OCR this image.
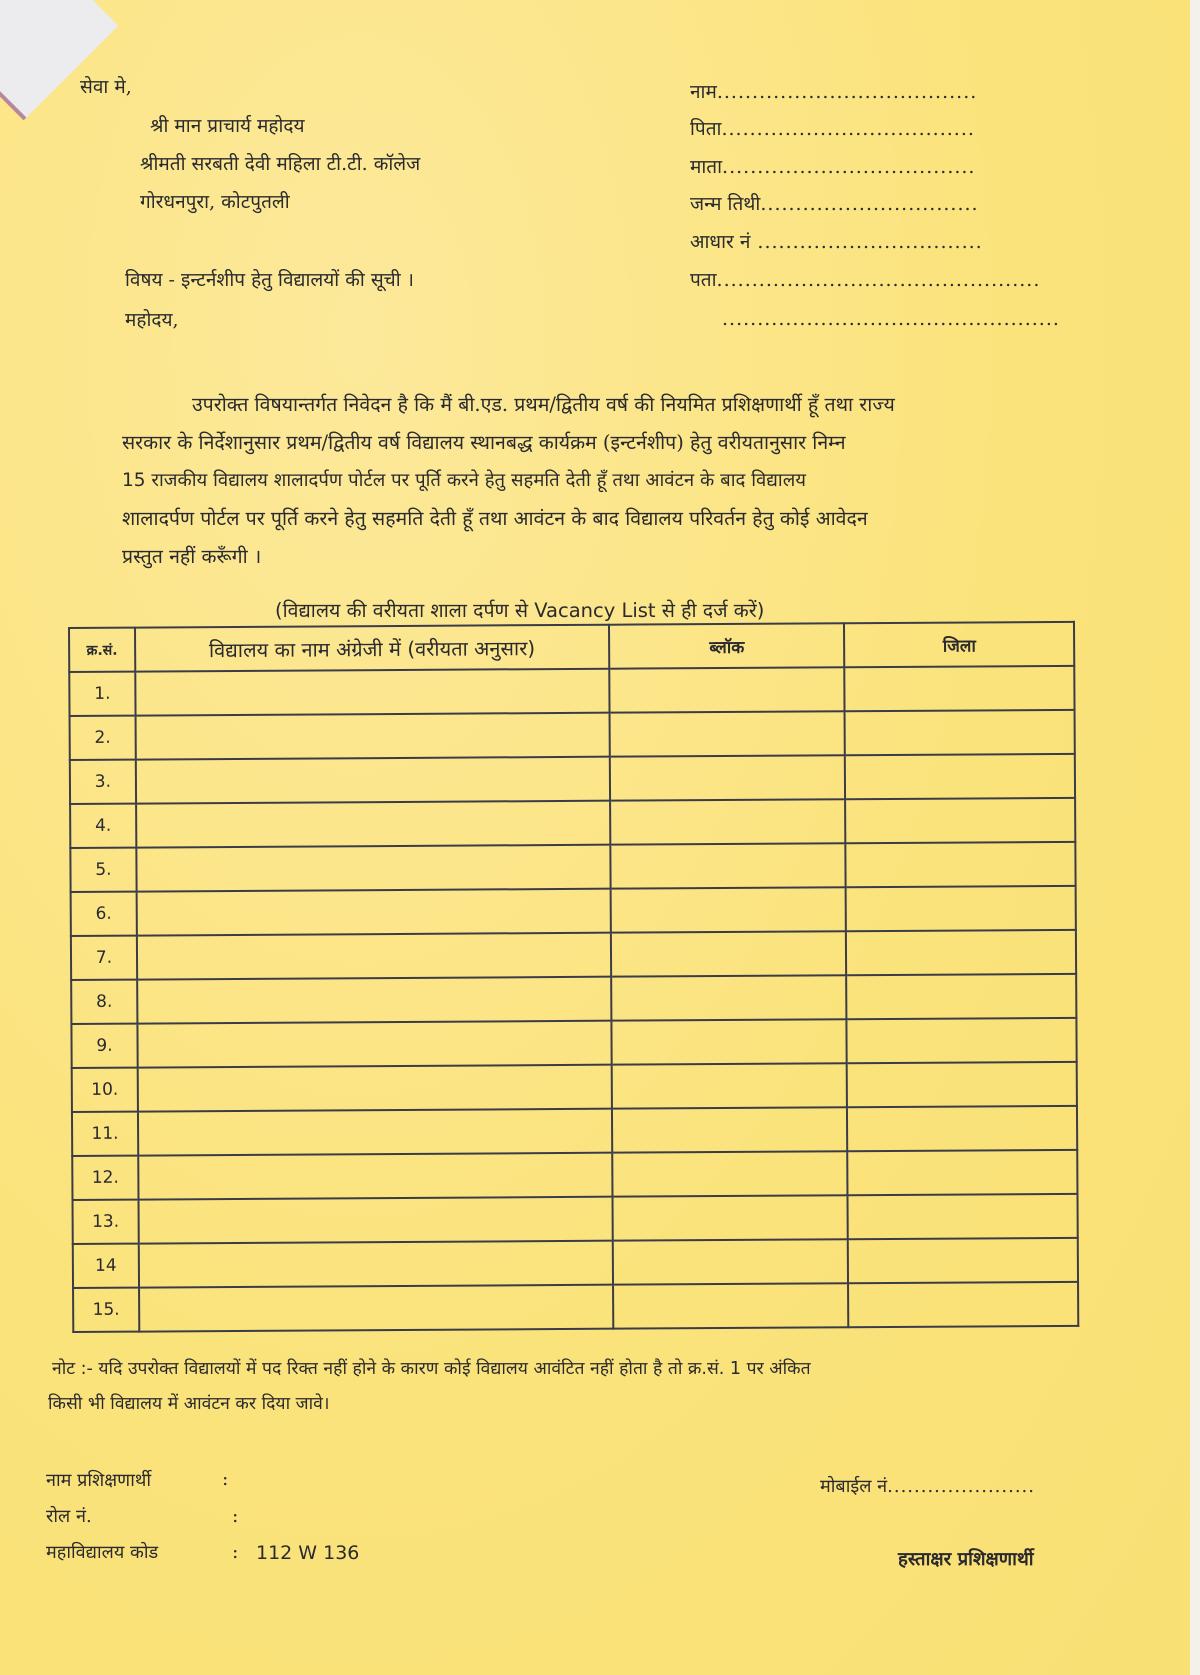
सेवा मे,
श्री मान प्राचार्य महोदय
श्रीमती सरबती देवी महिला टी.टी. कॉलेज
गोरधनपुरा, कोटपुतली
नाम.....................................
पिता....................................
माता....................................
जन्म तिथी...............................
आधार नं ................................
पता..............................................
................................................
विषय - इन्टर्नशीप हेतु विद्यालयों की सूची ।
महोदय,

उपरोक्त विषयान्तर्गत निवेदन है कि मैं बी.एड. प्रथम/द्वितीय वर्ष की नियमित प्रशिक्षणार्थी हूँ तथा राज्य

सरकार के निर्देशानुसार प्रथम/द्वितीय वर्ष विद्यालय स्थानबद्ध कार्यक्रम (इन्टर्नशीप) हेतु वरीयतानुसार निम्न

15 राजकीय विद्यालय शालादर्पण पोर्टल पर पूर्ति करने हेतु सहमति देती हूँ तथा आवंटन के बाद विद्यालय

शालादर्पण पोर्टल पर पूर्ति करने हेतु सहमति देती हूँ तथा आवंटन के बाद विद्यालय परिवर्तन हेतु कोई आवेदन

प्रस्तुत नहीं करूँगी ।

(विद्यालय की वरीयता शाला दर्पण से Vacancy List से ही दर्ज करें)
क्र.सं.	विद्यालय का नाम अंग्रेजी में (वरीयता अनुसार)	ब्लॉक	जिला
1.			
2.			
3.			
4.			
5.			
6.			
7.			
8.			
9.			
10.			
11.			
12.			
13.			
14			
15.			
नोट :- यदि उपरोक्त विद्यालयों में पद रिक्त नहीं होने के कारण कोई विद्यालय आवंटित नहीं होता है तो क्र.सं. 1 पर अंकित
किसी भी विद्यालय में आवंटन कर दिया जावे।
नाम प्रशिक्षणार्थी	:
रोल नं.	:
महाविद्यालय कोड	: 112 W 136
मोबाईल नं......................
हस्ताक्षर प्रशिक्षणार्थी
